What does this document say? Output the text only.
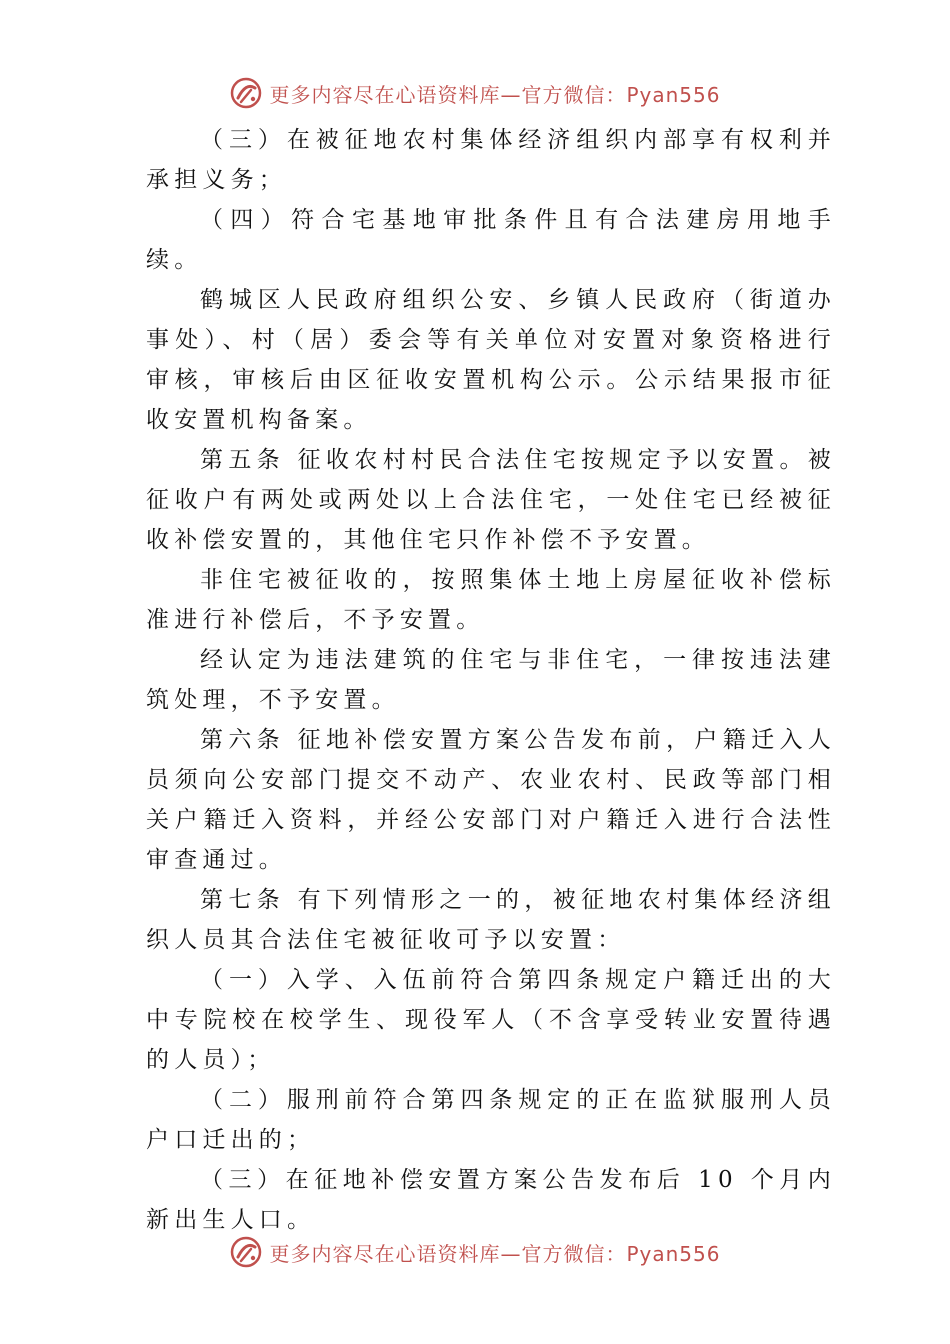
更多内容尽在心语资料库—官方微信：Pyan556

（三）在被征地农村集体经济组织内部享有权利并承担义务；

（四）符合宅基地审批条件且有合法建房用地手续。

鹤城区人民政府组织公安、乡镇人民政府（街道办事处）、村（居）委会等有关单位对安置对象资格进行审核，审核后由区征收安置机构公示。公示结果报市征收安置机构备案。

第五条 征收农村村民合法住宅按规定予以安置。被征收户有两处或两处以上合法住宅，一处住宅已经被征收补偿安置的，其他住宅只作补偿不予安置。

非住宅被征收的，按照集体土地上房屋征收补偿标准进行补偿后，不予安置。

经认定为违法建筑的住宅与非住宅，一律按违法建筑处理，不予安置。

第六条 征地补偿安置方案公告发布前，户籍迁入人员须向公安部门提交不动产、农业农村、民政等部门相关户籍迁入资料，并经公安部门对户籍迁入进行合法性审查通过。

第七条 有下列情形之一的，被征地农村集体经济组织人员其合法住宅被征收可予以安置：

（一）入学、入伍前符合第四条规定户籍迁出的大中专院校在校学生、现役军人（不含享受转业安置待遇的人员）；

（二）服刑前符合第四条规定的正在监狱服刑人员户口迁出的；

（三）在征地补偿安置方案公告发布后 10 个月内新出生人口。

更多内容尽在心语资料库—官方微信：Pyan556
